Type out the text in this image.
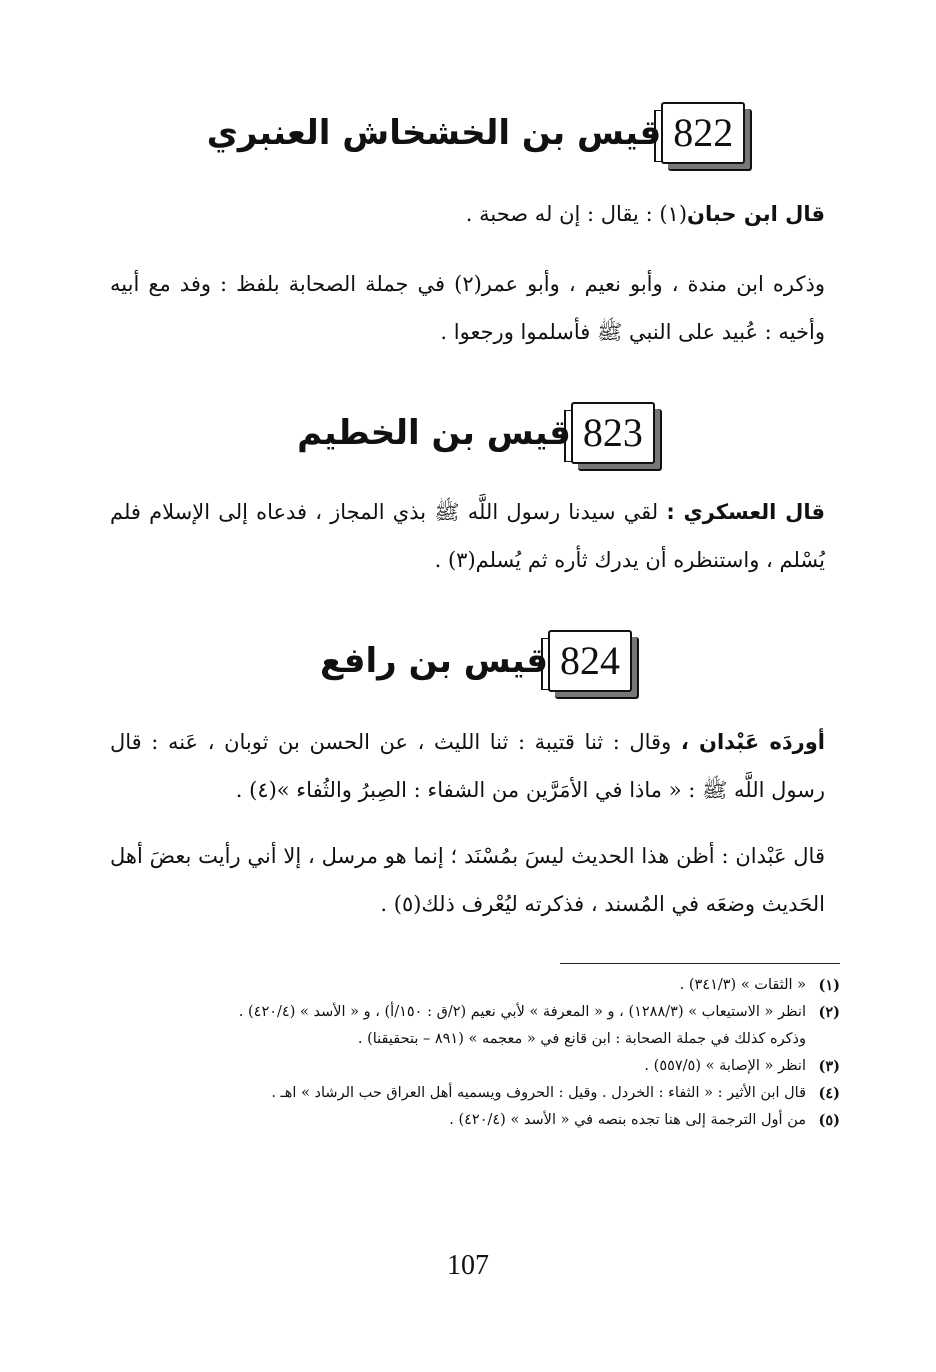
822
قيس بن الخشخاش العنبري
قال ابن حبان(١) : يقال : إن له صحبة .
وذكره ابن مندة ، وأبو نعيم ، وأبو عمر(٢) في جملة الصحابة بلفظ : وفد مع أبيه وأخيه : عُبيد على النبي ﷺ فأسلموا ورجعوا .
823
قيس بن الخطيم
قال العسكري : لقي سيدنا رسول اللَّه ﷺ بذي المجاز ، فدعاه إلى الإسلام فلم يُسْلم ، واستنظره أن يدرك ثأره ثم يُسلم(٣) .
824
قيس بن رافع
أوردَه عَبْدان ، وقال : ثنا قتيبة : ثنا الليث ، عن الحسن بن ثوبان ، عَنه : قال رسول اللَّه ﷺ : « ماذا في الأمَرَّين من الشفاء : الصِبرُ والثُفاء »(٤) .
قال عَبْدان : أظن هذا الحديث ليسَ بمُسْنَد ؛ إنما هو مرسل ، إلا أني رأيت بعضَ أهل الحَديث وضعَه في المُسند ، فذكرته ليُعْرف ذلك(٥) .
(١)
« الثقات » (٣٤١/٣) .
(٢)
انظر « الاستيعاب » (١٢٨٨/٣) ، و « المعرفة » لأبي نعيم (٢/ق : ١٥٠/أ) ، و « الأسد » (٤٢٠/٤) .
وذكره كذلك في جملة الصحابة : ابن قانع في « معجمه » (٨٩١ – بتحقيقنا) .
(٣)
انظر « الإصابة » (٥٥٧/٥) .
(٤)
قال ابن الأثير : « الثفاء : الخردل . وقيل : الحروف ويسميه أهل العراق حب الرشاد » اهـ .
(٥)
من أول الترجمة إلى هنا تجده بنصه في « الأسد » (٤٢٠/٤) .
107
